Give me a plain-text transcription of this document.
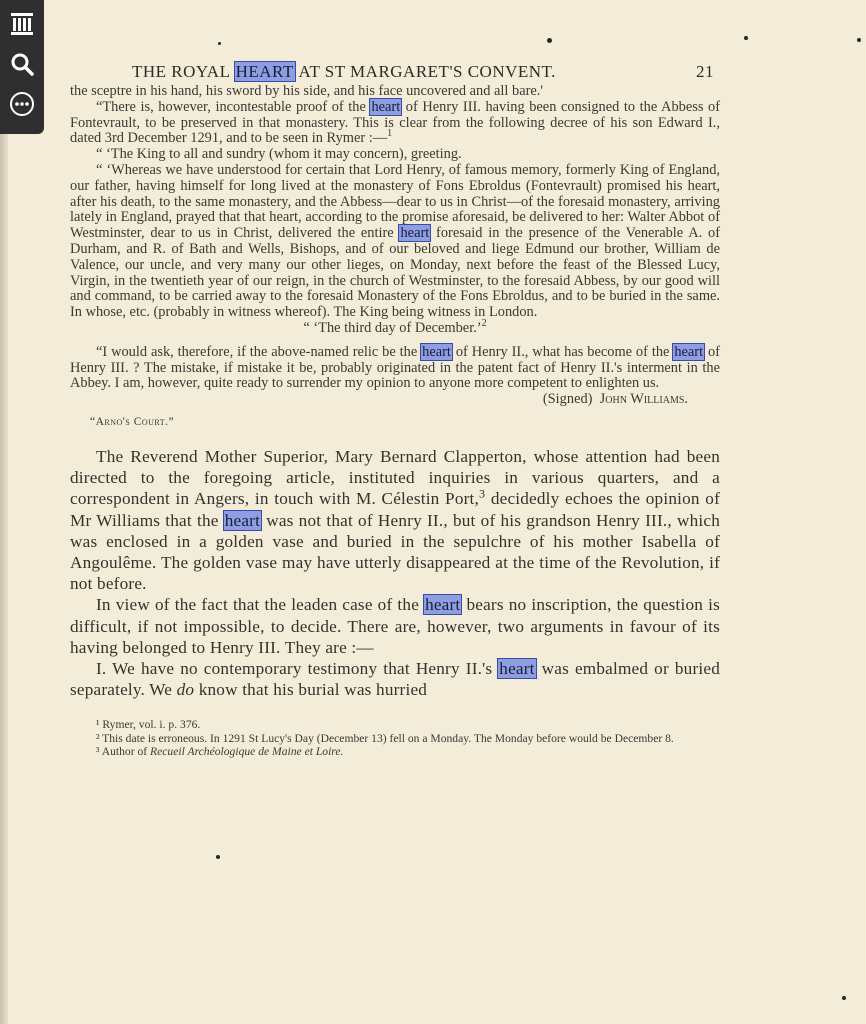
THE ROYAL HEART AT ST MARGARET'S CONVENT.	21

the sceptre in his hand, his sword by his side, and his face uncovered and all bare.'

“There is, however, incontestable proof of the heart of Henry III. having been consigned to the Abbess of Fontevrault, to be preserved in that monastery. This is clear from the following decree of his son Edward I., dated 3rd December 1291, and to be seen in Rymer :—$^1$

“ ‘The King to all and sundry (whom it may concern), greeting.

“ ‘Whereas we have understood for certain that Lord Henry, of famous memory, formerly King of England, our father, having himself for long lived at the monastery of Fons Ebroldus (Fontevrault) promised his heart, after his death, to the same monastery, and the Abbess—dear to us in Christ—of the foresaid monastery, arriving lately in England, prayed that that heart, according to the promise aforesaid, be delivered to her: Walter Abbot of Westminster, dear to us in Christ, delivered the entire heart foresaid in the presence of the Venerable A. of Durham, and R. of Bath and Wells, Bishops, and of our beloved and liege Edmund our brother, William de Valence, our uncle, and very many our other lieges, on Monday, next before the feast of the Blessed Lucy, Virgin, in the twentieth year of our reign, in the church of Westminster, to the foresaid Abbess, by our good will and command, to be carried away to the foresaid Monastery of the Fons Ebroldus, and to be buried in the same. In whose, etc. (probably in witness whereof). The King being witness in London.

“ ‘The third day of December.’$^2$

“I would ask, therefore, if the above-named relic be the heart of Henry II., what has become of the heart of Henry III. ? The mistake, if mistake it be, probably originated in the patent fact of Henry II.'s interment in the Abbey. I am, however, quite ready to surrender my opinion to anyone more competent to enlighten us.

(Signed) John Williams.

“Arno's Court.”

The Reverend Mother Superior, Mary Bernard Clapperton, whose attention had been directed to the foregoing article, instituted inquiries in various quarters, and a correspondent in Angers, in touch with M. Célestin Port,$^3$ decidedly echoes the opinion of Mr Williams that the heart was not that of Henry II., but of his grandson Henry III., which was enclosed in a golden vase and buried in the sepulchre of his mother Isabella of Angoulême. The golden vase may have utterly disappeared at the time of the Revolution, if not before.

In view of the fact that the leaden case of the heart bears no inscription, the question is difficult, if not impossible, to decide. There are, however, two arguments in favour of its having belonged to Henry III. They are :—

I. We have no contemporary testimony that Henry II.'s heart was embalmed or buried separately. We do know that his burial was hurried

¹ Rymer, vol. i. p. 376.

² This date is erroneous. In 1291 St Lucy's Day (December 13) fell on a Monday. The Monday before would be December 8.

³ Author of Recueil Archéologique de Maine et Loire.
